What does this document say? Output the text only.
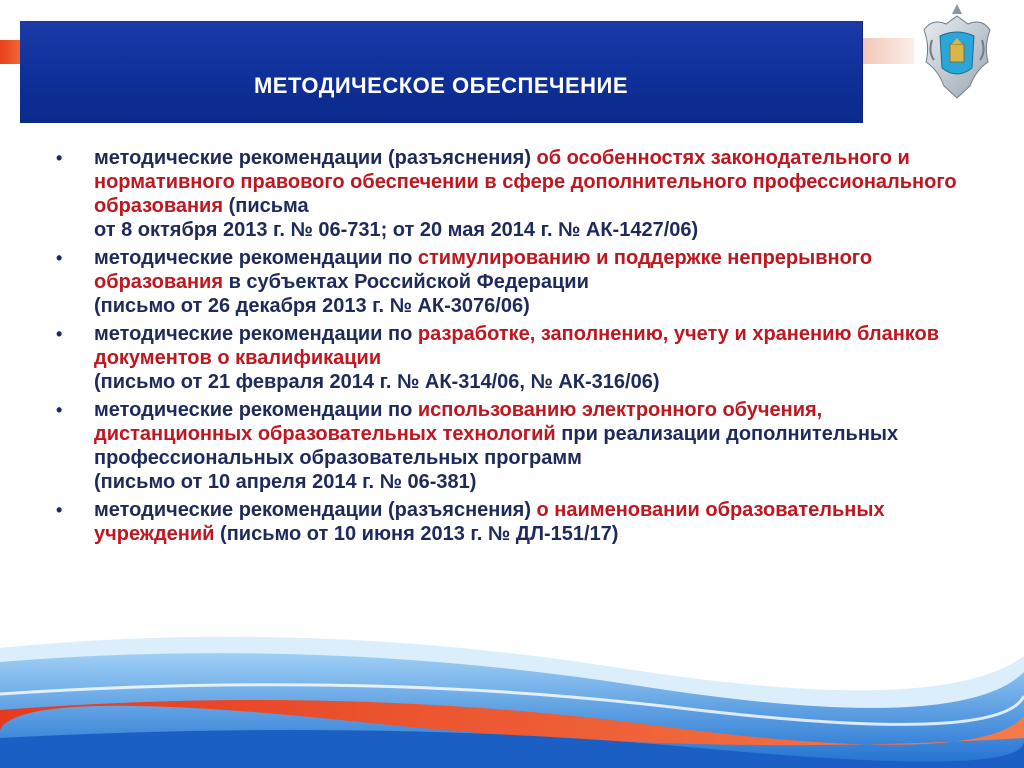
МЕТОДИЧЕСКОЕ ОБЕСПЕЧЕНИЕ
• методические рекомендации (разъяснения) об особенностях законодательного и нормативного правового обеспечении в сфере дополнительного профессионального образования (письма
от 8 октября 2013 г. № 06-731; от 20 мая 2014 г. № АК-1427/06)
• методические рекомендации по стимулированию и поддержке непрерывного образования в субъектах Российской Федерации
(письмо от 26 декабря 2013 г. № АК-3076/06)
• методические рекомендации по разработке, заполнению, учету и хранению бланков документов о квалификации
(письмо от 21 февраля 2014 г. № АК-314/06, № АК-316/06)
• методические рекомендации по использованию электронного обучения, дистанционных образовательных технологий при реализации дополнительных профессиональных образовательных программ
(письмо от 10 апреля 2014 г. № 06-381)
• методические рекомендации (разъяснения) о наименовании образовательных учреждений (письмо от 10 июня 2013 г. № ДЛ-151/17)
